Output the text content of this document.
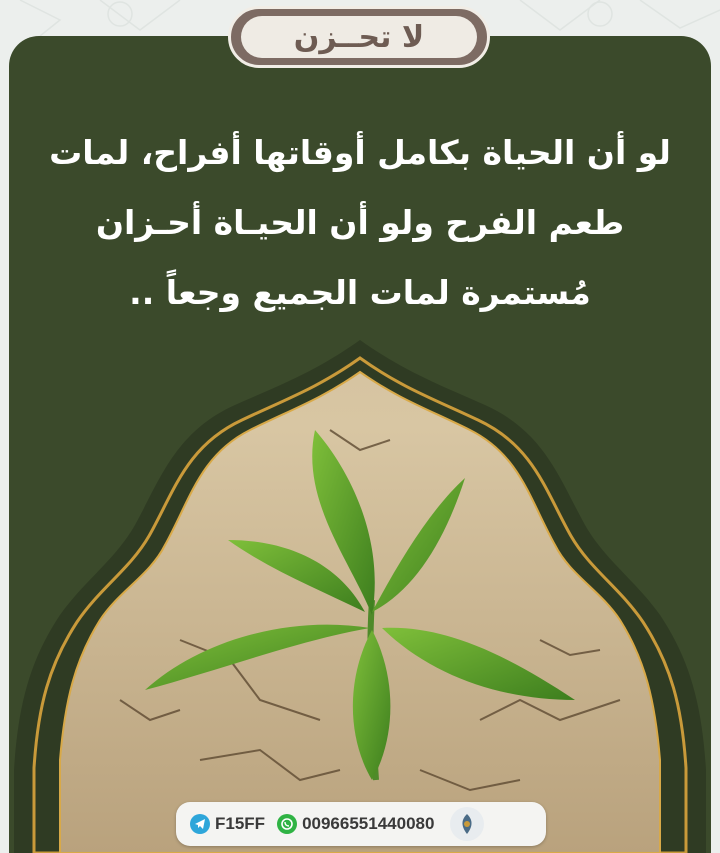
لا تحــزن
لو أن الحياة بكامل أوقاتها أفراح، لمات
طعم الفرح ولو أن الحيـاة أحـزان
مُستمرة لمات الجميع وجعاً ..
F15FF 00966551440080
